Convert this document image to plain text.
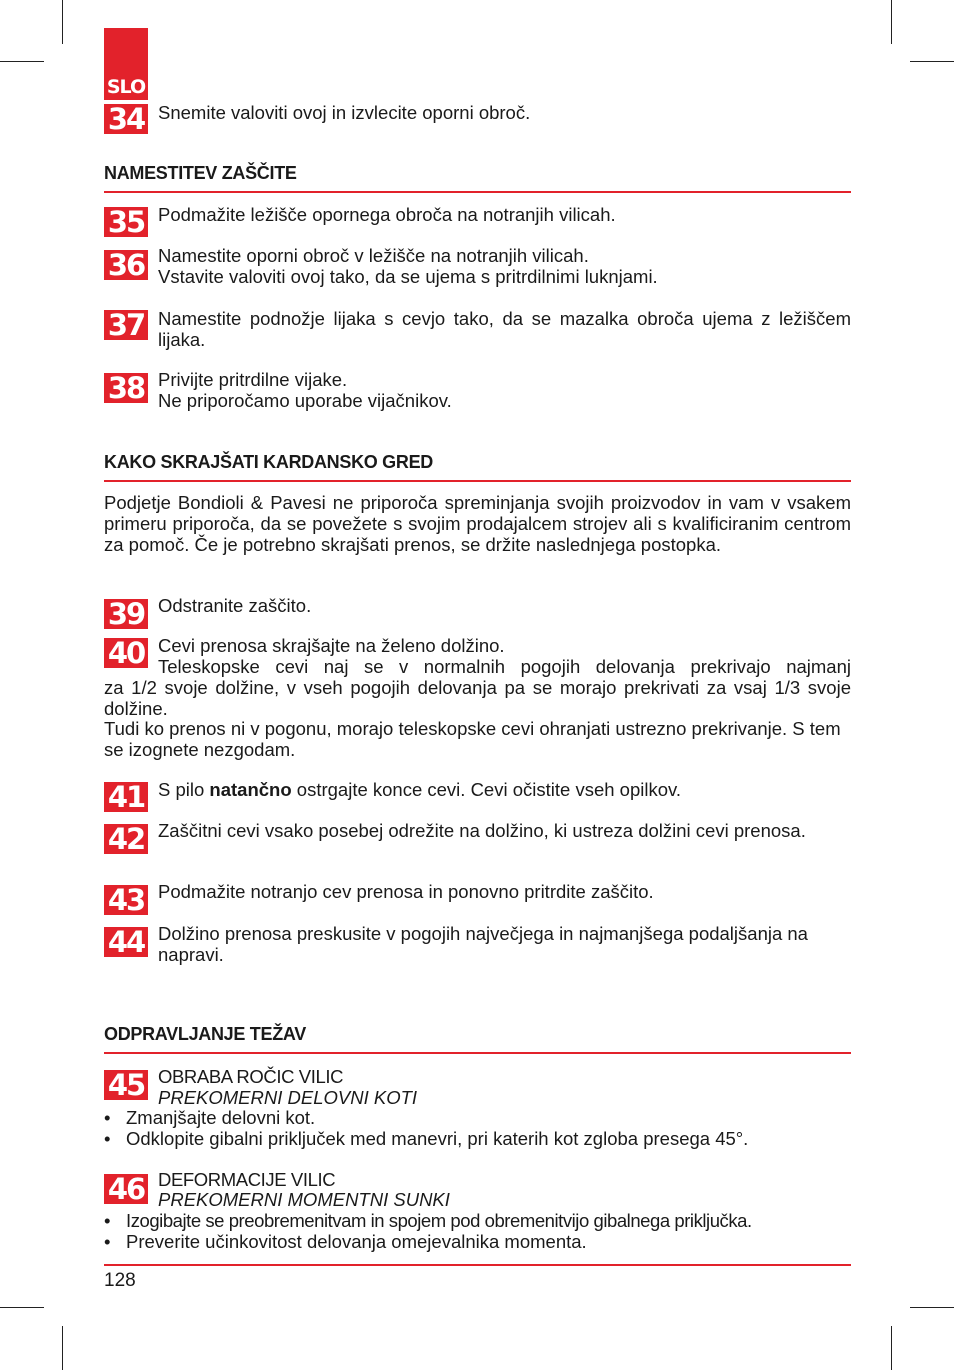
SLO
34 Snemite valoviti ovoj in izvlecite oporni obroč.
NAMESTITEV ZAŠČITE
35 Podmažite ležišče opornega obroča na notranjih vilicah.
36 Namestite oporni obroč v ležišče na notranjih vilicah.

Vstavite valoviti ovoj tako, da se ujema s pritrdilnimi luknjami.

37 Namestite podnožje lijaka s cevjo tako, da se mazalka obroča ujema z ležiščem lijaka.
38 Privijte pritrdilne vijake.

Ne priporočamo uporabe vijačnikov.

KAKO SKRAJŠATI KARDANSKO GRED
Podjetje Bondioli & Pavesi ne priporoča spreminjanja svojih proizvodov in vam v vsakem primeru priporoča, da se povežete s svojim prodajalcem strojev ali s kvalificiranim centrom za pomoč. Če je potrebno skrajšati prenos, se držite naslednjega postopka.
39 Odstranite zaščito.
40 Cevi prenosa skrajšajte na želeno dolžino.
Teleskopske cevi naj se v normalnih pogojih delovanja prekrivajo najmanj
za 1/2 svoje dolžine, v vseh pogojih delovanja pa se morajo prekrivati za vsaj 1/3 svoje dolžine.
Tudi ko prenos ni v pogonu, morajo teleskopske cevi ohranjati ustrezno prekrivanje. S tem se izognete nezgodam.
41 S pilo natančno ostrgajte konce cevi. Cevi očistite vseh opilkov.
42 Zaščitni cevi vsako posebej odrežite na dolžino, ki ustreza dolžini cevi prenosa.
43 Podmažite notranjo cev prenosa in ponovno pritrdite zaščito.
44 Dolžino prenosa preskusite v pogojih največjega in najmanjšega podaljšanja na napravi.
ODPRAVLJANJE TEŽAV
45 OBRABA ROČIC VILIC
PREKOMERNI DELOVNI KOTI
• Zmanjšajte delovni kot.
• Odklopite gibalni priključek med manevri, pri katerih kot zgloba presega 45°.
46 DEFORMACIJE VILIC
PREKOMERNI MOMENTNI SUNKI
• Izogibajte se preobremenitvam in spojem pod obremenitvijo gibalnega priključka.
• Preverite učinkovitost delovanja omejevalnika momenta.
128
